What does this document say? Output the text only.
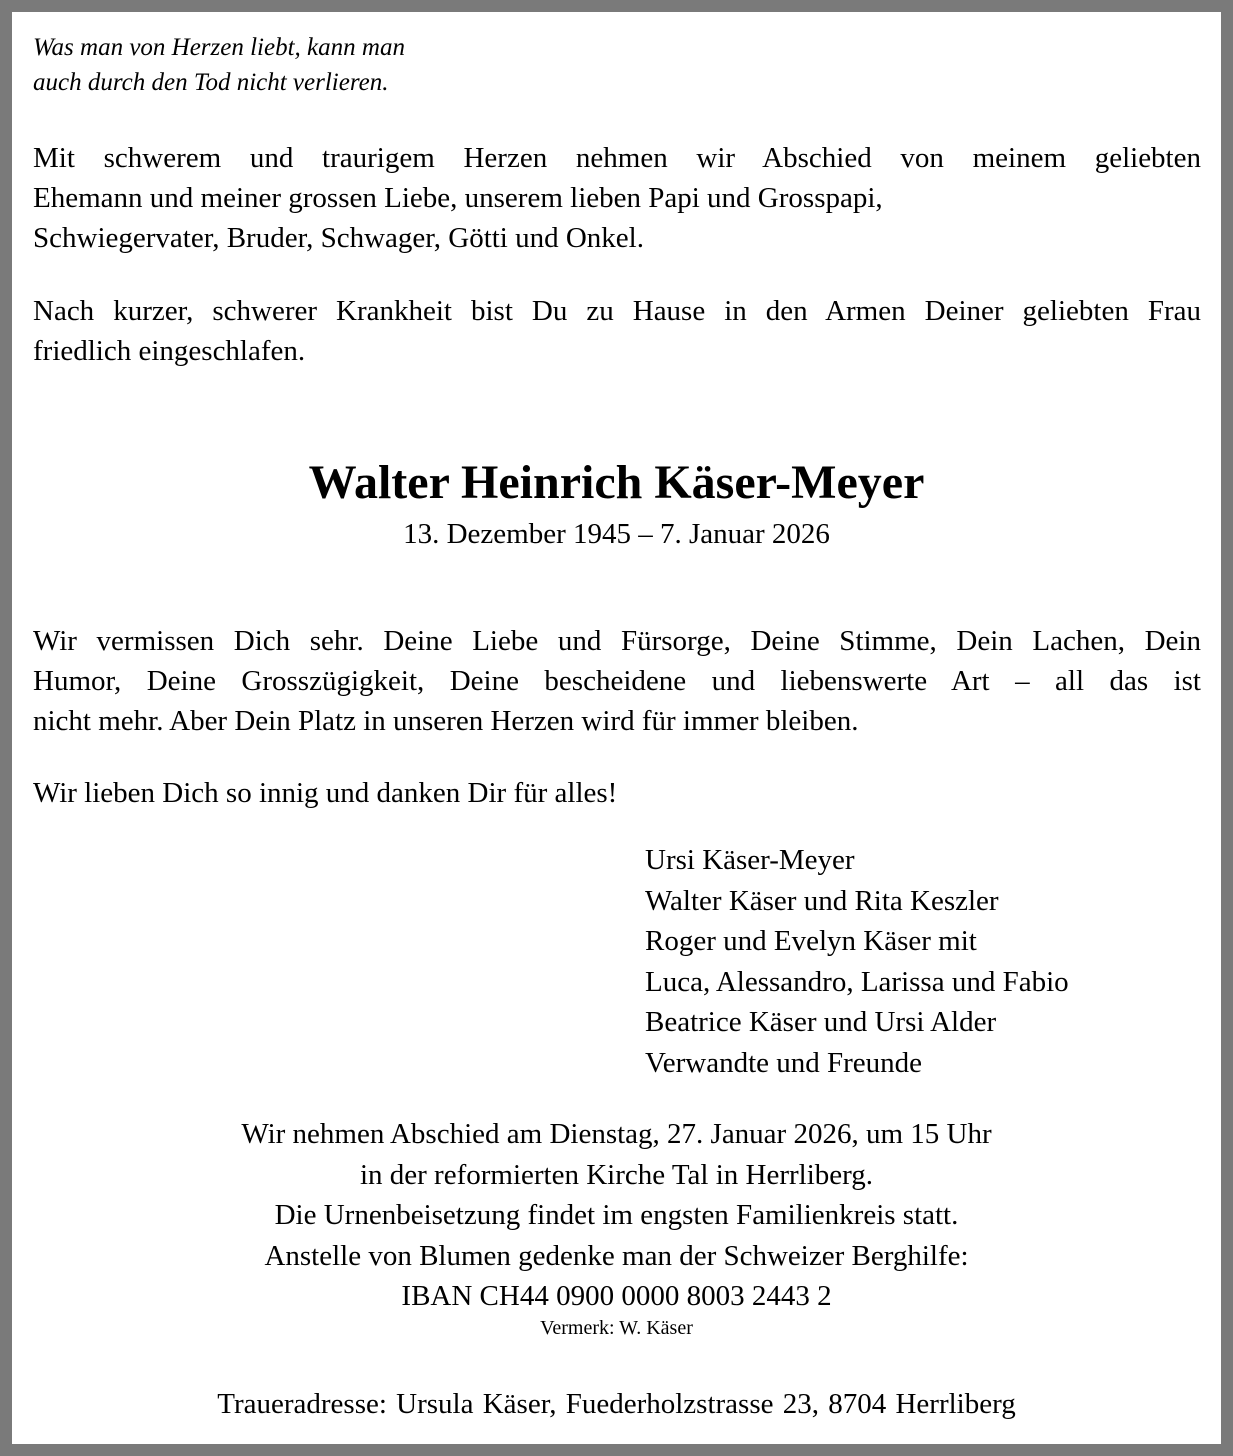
Was man von Herzen liebt, kann man
auch durch den Tod nicht verlieren.
Mit schwerem und traurigem Herzen nehmen wir Abschied von meinem geliebten
Ehemann und meiner grossen Liebe, unserem lieben Papi und Grosspapi,
Schwiegervater, Bruder, Schwager, Götti und Onkel.
Nach kurzer, schwerer Krankheit bist Du zu Hause in den Armen Deiner geliebten Frau
friedlich eingeschlafen.
Walter Heinrich Käser-Meyer
13. Dezember 1945 – 7. Januar 2026
Wir vermissen Dich sehr. Deine Liebe und Fürsorge, Deine Stimme, Dein Lachen, Dein
Humor, Deine Grosszügigkeit, Deine bescheidene und liebenswerte Art – all das ist
nicht mehr. Aber Dein Platz in unseren Herzen wird für immer bleiben.
Wir lieben Dich so innig und danken Dir für alles!
Ursi Käser-Meyer
Walter Käser und Rita Keszler
Roger und Evelyn Käser mit
Luca, Alessandro, Larissa und Fabio
Beatrice Käser und Ursi Alder
Verwandte und Freunde
Wir nehmen Abschied am Dienstag, 27. Januar 2026, um 15 Uhr
in der reformierten Kirche Tal in Herrliberg.
Die Urnenbeisetzung findet im engsten Familienkreis statt.
Anstelle von Blumen gedenke man der Schweizer Berghilfe:
IBAN CH44 0900 0000 8003 2443 2
Vermerk: W. Käser
Traueradresse: Ursula Käser, Fuederholzstrasse 23, 8704 Herrliberg
